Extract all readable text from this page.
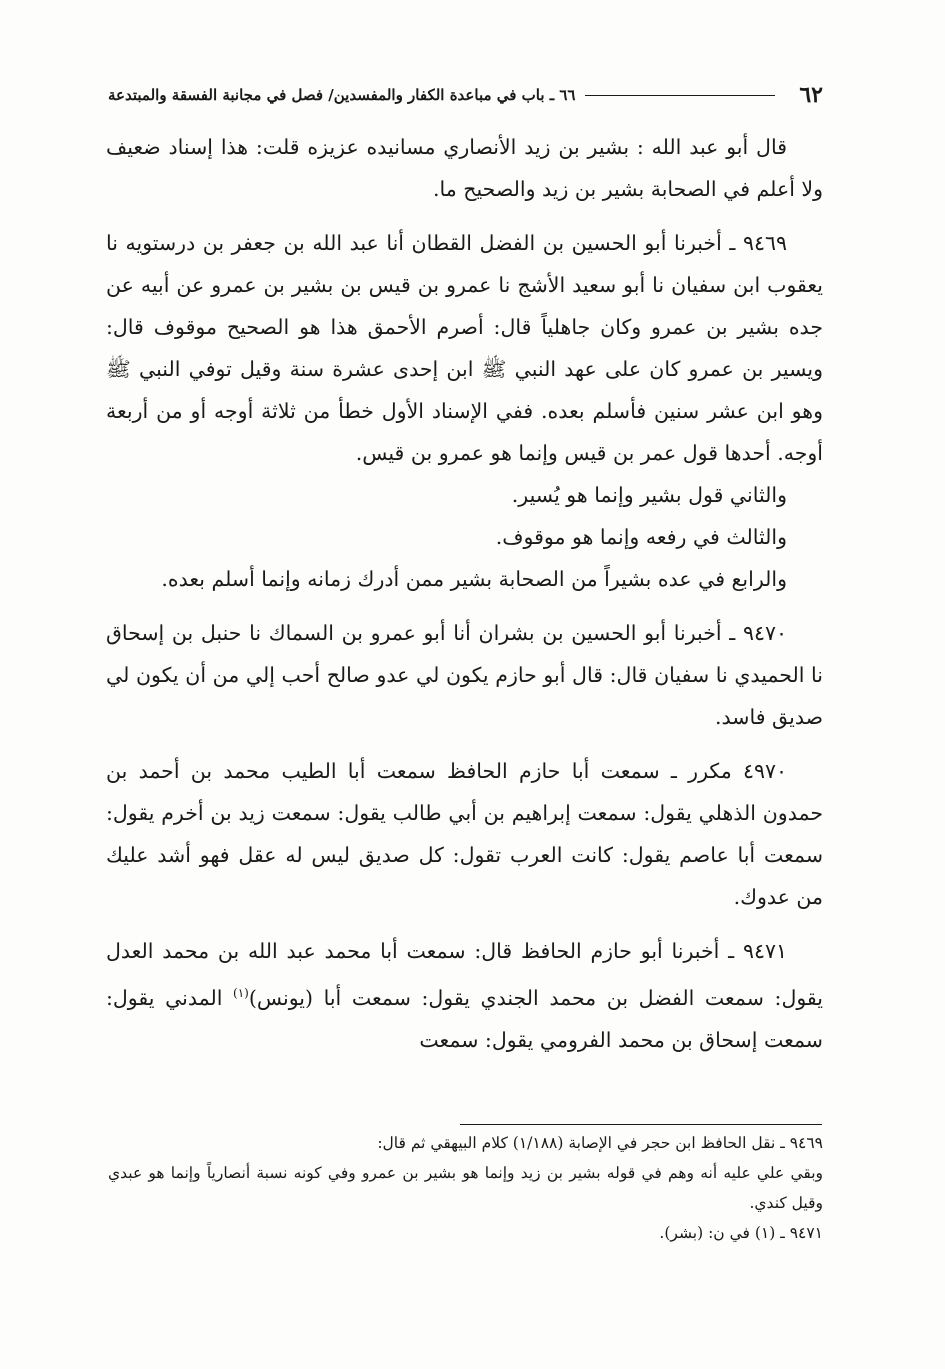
٦٢
٦٦ ـ باب في مباعدة الكفار والمفسدين/ فصل في مجانبة الفسقة والمبتدعة

قال أبو عبد الله : بشير بن زيد الأنصاري مسانيده عزيزه قلت: هذا إسناد ضعيف ولا أعلم في الصحابة بشير بن زيد والصحيح ما.

٩٤٦٩ ـ أخبرنا أبو الحسين بن الفضل القطان أنا عبد الله بن جعفر بن درستويه نا يعقوب ابن سفيان نا أبو سعيد الأشج نا عمرو بن قيس بن بشير بن عمرو عن أبيه عن جده بشير بن عمرو وكان جاهلياً قال: أصرم الأحمق هذا هو الصحيح موقوف قال: ويسير بن عمرو كان على عهد النبي ﷺ ابن إحدى عشرة سنة وقيل توفي النبي ﷺ وهو ابن عشر سنين فأسلم بعده. ففي الإسناد الأول خطأ من ثلاثة أوجه أو من أربعة أوجه. أحدها قول عمر بن قيس وإنما هو عمرو بن قيس.

والثاني قول بشير وإنما هو يُسير.

والثالث في رفعه وإنما هو موقوف.

والرابع في عده بشيراً من الصحابة بشير ممن أدرك زمانه وإنما أسلم بعده.

٩٤٧٠ ـ أخبرنا أبو الحسين بن بشران أنا أبو عمرو بن السماك نا حنبل بن إسحاق نا الحميدي نا سفيان قال: قال أبو حازم يكون لي عدو صالح أحب إلي من أن يكون لي صديق فاسد.

٤٩٧٠ مكرر ـ سمعت أبا حازم الحافظ سمعت أبا الطيب محمد بن أحمد بن حمدون الذهلي يقول: سمعت إبراهيم بن أبي طالب يقول: سمعت زيد بن أخرم يقول: سمعت أبا عاصم يقول: كانت العرب تقول: كل صديق ليس له عقل فهو أشد عليك من عدوك.

٩٤٧١ ـ أخبرنا أبو حازم الحافظ قال: سمعت أبا محمد عبد الله بن محمد العدل يقول: سمعت الفضل بن محمد الجندي يقول: سمعت أبا (يونس)$^{(١)}$ المدني يقول: سمعت إسحاق بن محمد الفرومي يقول: سمعت

٩٤٦٩ ـ نقل الحافظ ابن حجر في الإصابة (١/١٨٨) كلام البيهقي ثم قال:

وبقي علي عليه أنه وهم في قوله بشير بن زيد وإنما هو بشير بن عمرو وفي كونه نسبة أنصارياً وإنما هو عبدي وقيل كندي.

٩٤٧١ ـ (١) في ن: (بشر).
